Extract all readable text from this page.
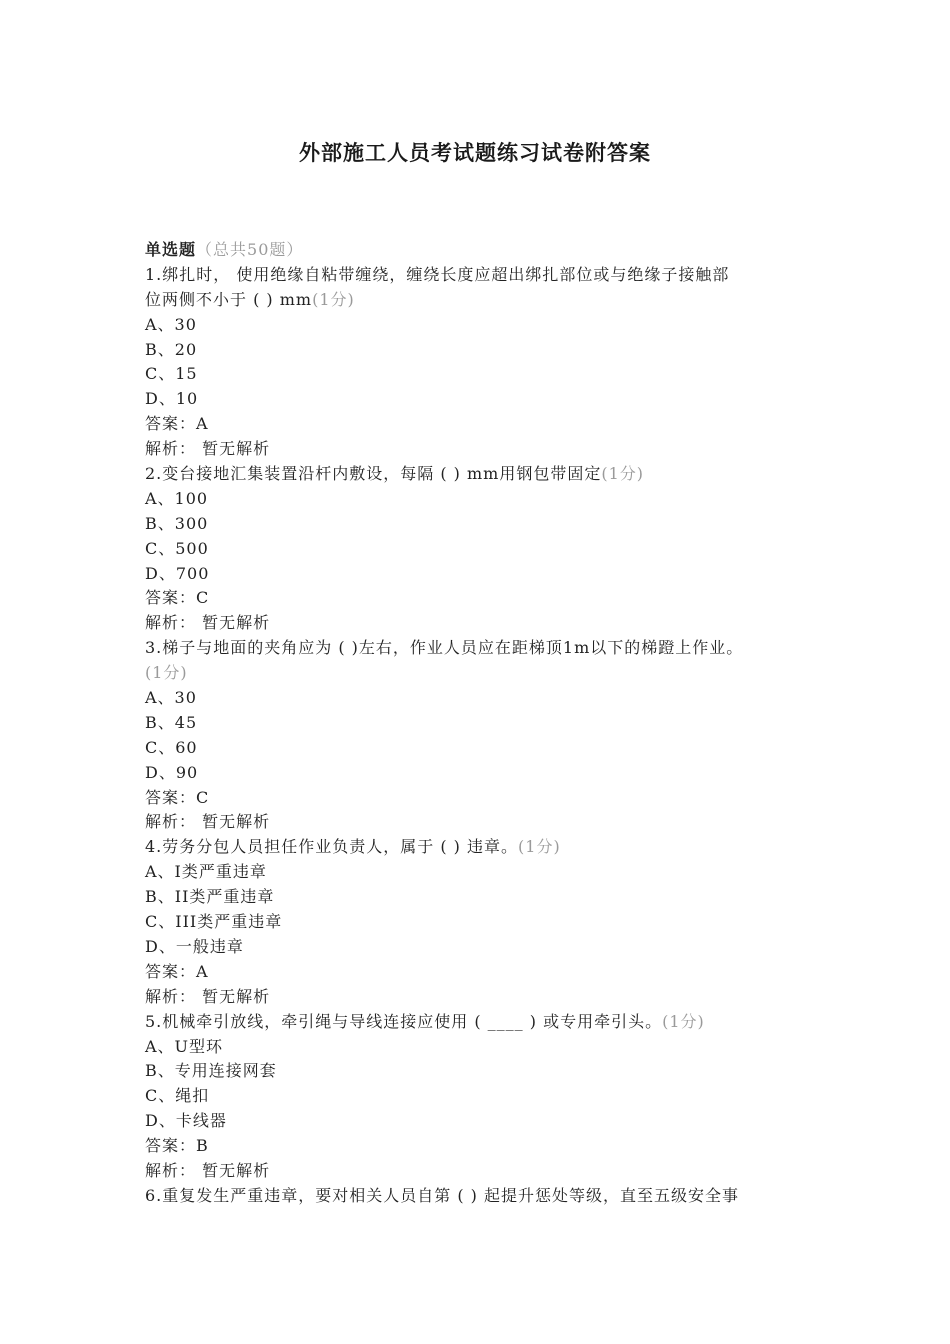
外部施工人员考试题练习试卷附答案
单选题（总共50题）
1.绑扎时， 使用绝缘自粘带缠绕，缠绕长度应超出绑扎部位或与绝缘子接触部
位两侧不小于 ( ) mm(1分)
A、30
B、20
C、15
D、10
答案：A
解析： 暂无解析
2.变台接地汇集装置沿杆内敷设，每隔 ( ) mm用钢包带固定(1分)
A、100
B、300
C、500
D、700
答案：C
解析： 暂无解析
3.梯子与地面的夹角应为 ( )左右，作业人员应在距梯顶1m以下的梯蹬上作业。
(1分)
A、30
B、45
C、60
D、90
答案：C
解析： 暂无解析
4.劳务分包人员担任作业负责人，属于 ( ) 违章。(1分)
A、I类严重违章
B、II类严重违章
C、III类严重违章
D、一般违章
答案：A
解析： 暂无解析
5.机械牵引放线，牵引绳与导线连接应使用 ( ____ ) 或专用牵引头。(1分)
A、U型环
B、专用连接网套
C、绳扣
D、卡线器
答案：B
解析： 暂无解析
6.重复发生严重违章，要对相关人员自第 ( ) 起提升惩处等级，直至五级安全事
